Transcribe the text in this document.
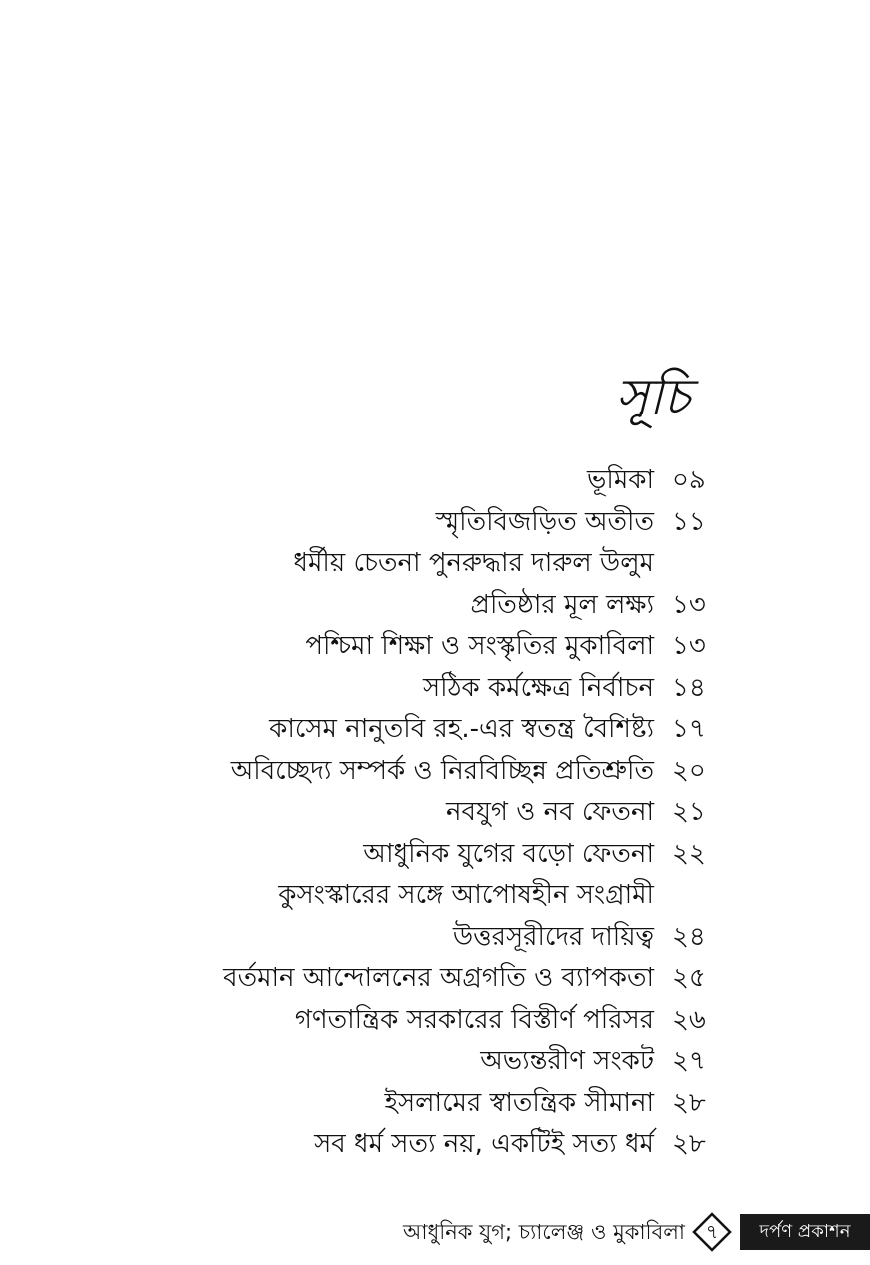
সূচি
ভূমিকা ০৯
স্মৃতিবিজড়িত অতীত ১১
ধর্মীয় চেতনা পুনরুদ্ধার দারুল উলুম
প্রতিষ্ঠার মূল লক্ষ্য ১৩
পশ্চিমা শিক্ষা ও সংস্কৃতির মুকাবিলা ১৩
সঠিক কর্মক্ষেত্র নির্বাচন ১৪
কাসেম নানুতবি রহ.-এর স্বতন্ত্র বৈশিষ্ট্য ১৭
অবিচ্ছেদ্য সম্পর্ক ও নিরবিচ্ছিন্ন প্রতিশ্রুতি ২০
নবযুগ ও নব ফেতনা ২১
আধুনিক যুগের বড়ো ফেতনা ২২
কুসংস্কারের সঙ্গে আপোষহীন সংগ্রামী
উত্তরসূরীদের দায়িত্ব ২৪
বর্তমান আন্দোলনের অগ্রগতি ও ব্যাপকতা ২৫
গণতান্ত্রিক সরকারের বিস্তীর্ণ পরিসর ২৬
অভ্যন্তরীণ সংকট ২৭
ইসলামের স্বাতন্ত্রিক সীমানা ২৮
সব ধর্ম সত্য নয়, একটিই সত্য ধর্ম ২৮
আধুনিক যুগ; চ্যালেঞ্জ ও মুকাবিলা	৭	দর্পণ প্রকাশন
